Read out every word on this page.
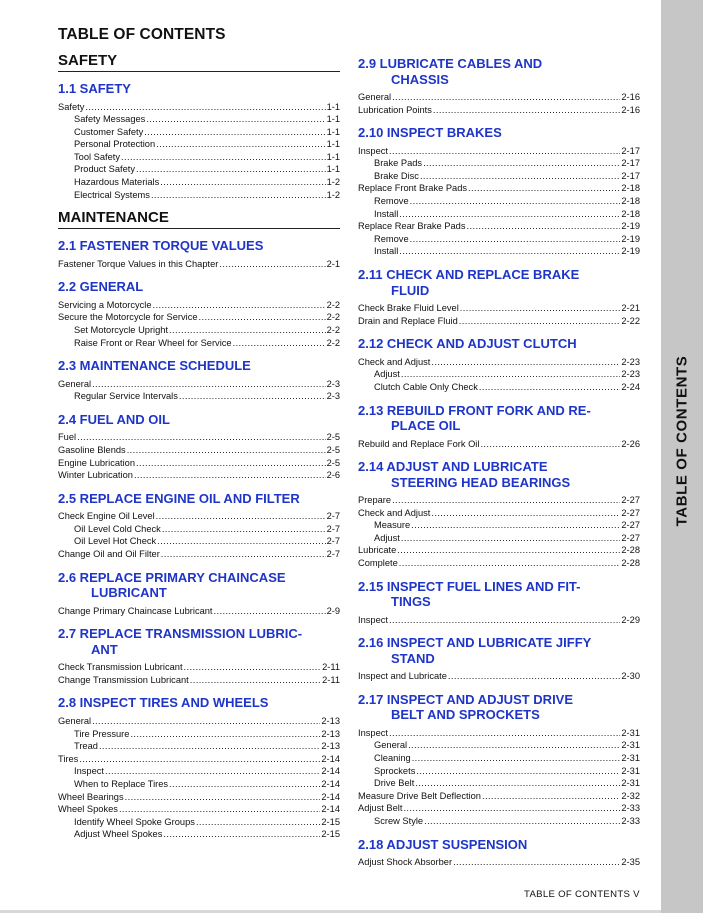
TABLE OF CONTENTS
SAFETY
1.1 SAFETY
Safety .....	1-1
Safety Messages .....	1-1
Customer Safety .....	1-1
Personal Protection .....	1-1
Tool Safety .....	1-1
Product Safety .....	1-1
Hazardous Materials .....	1-2
Electrical Systems .....	1-2
MAINTENANCE
2.1 FASTENER TORQUE VALUES
Fastener Torque Values in this Chapter .....	2-1
2.2 GENERAL
Servicing a Motorcycle .....	2-2
Secure the Motorcycle for Service .....	2-2
Set Motorcycle Upright .....	2-2
Raise Front or Rear Wheel for Service .....	2-2
2.3 MAINTENANCE SCHEDULE
General .....	2-3
Regular Service Intervals .....	2-3
2.4 FUEL AND OIL
Fuel .....	2-5
Gasoline Blends .....	2-5
Engine Lubrication .....	2-5
Winter Lubrication .....	2-6
2.5 REPLACE ENGINE OIL AND FILTER
Check Engine Oil Level .....	2-7
Oil Level Cold Check .....	2-7
Oil Level Hot Check .....	2-7
Change Oil and Oil Filter .....	2-7
2.6 REPLACE PRIMARY CHAINCASE
LUBRICANT
Change Primary Chaincase Lubricant .....	2-9
2.7 REPLACE TRANSMISSION LUBRIC-
ANT
Check Transmission Lubricant .....	2-11
Change Transmission Lubricant .....	2-11
2.8 INSPECT TIRES AND WHEELS
General .....	2-13
Tire Pressure .....	2-13
Tread .....	2-13
Tires .....	2-14
Inspect .....	2-14
When to Replace Tires .....	2-14
Wheel Bearings .....	2-14
Wheel Spokes .....	2-14
Identify Wheel Spoke Groups .....	2-15
Adjust Wheel Spokes .....	2-15
2.9 LUBRICATE CABLES AND
CHASSIS
General .....	2-16
Lubrication Points .....	2-16
2.10 INSPECT BRAKES
Inspect .....	2-17
Brake Pads .....	2-17
Brake Disc .....	2-17
Replace Front Brake Pads .....	2-18
Remove .....	2-18
Install .....	2-18
Replace Rear Brake Pads .....	2-19
Remove .....	2-19
Install .....	2-19
2.11 CHECK AND REPLACE BRAKE
FLUID
Check Brake Fluid Level .....	2-21
Drain and Replace Fluid .....	2-22
2.12 CHECK AND ADJUST CLUTCH
Check and Adjust .....	2-23
Adjust .....	2-23
Clutch Cable Only Check .....	2-24
2.13 REBUILD FRONT FORK AND RE-
PLACE OIL
Rebuild and Replace Fork Oil .....	2-26
2.14 ADJUST AND LUBRICATE
STEERING HEAD BEARINGS
Prepare .....	2-27
Check and Adjust .....	2-27
Measure .....	2-27
Adjust .....	2-27
Lubricate .....	2-28
Complete .....	2-28
2.15 INSPECT FUEL LINES AND FIT-
TINGS
Inspect .....	2-29
2.16 INSPECT AND LUBRICATE JIFFY
STAND
Inspect and Lubricate .....	2-30
2.17 INSPECT AND ADJUST DRIVE
BELT AND SPROCKETS
Inspect .....	2-31
General .....	2-31
Cleaning .....	2-31
Sprockets .....	2-31
Drive Belt .....	2-31
Measure Drive Belt Deflection .....	2-32
Adjust Belt .....	2-33
Screw Style .....	2-33
2.18 ADJUST SUSPENSION
Adjust Shock Absorber .....	2-35
TABLE OF CONTENTS
TABLE OF CONTENTS V
